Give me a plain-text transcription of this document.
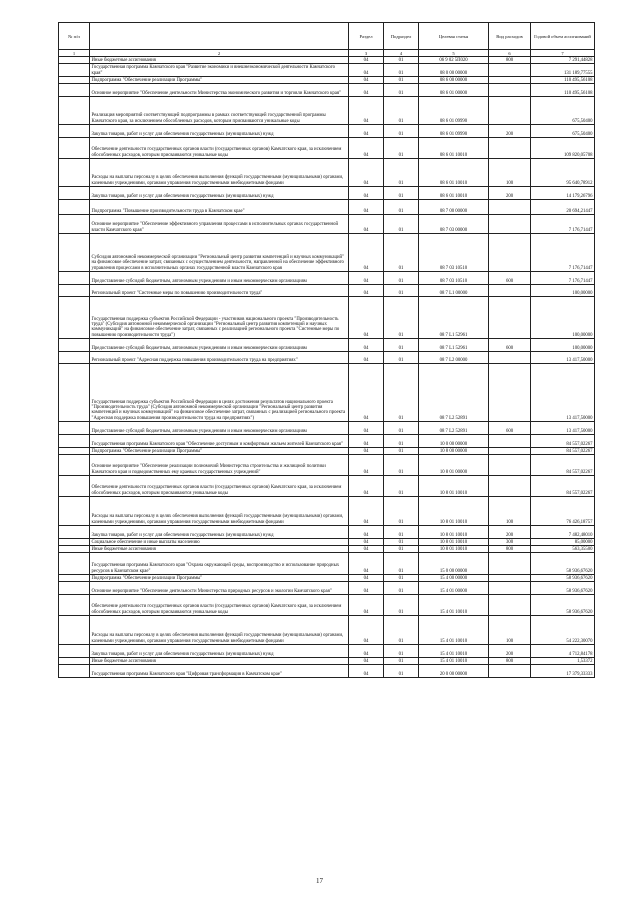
№ п/п		Раздел	Подраздел	Целевая статья	Вид расходов	Годовой объем ассигнований
1	2	3	4	5	6	7
	Иные бюджетные ассигнования	04	01	06 9 02 5П020	800	7 291,44828
	Государственная программа Камчатского края "Развитие экономики и внешнеэкономической деятельности Камчатского края"	04	01	08 0 00 00000		131 189,77555
	Подпрограмма "Обеспечение реализации Программы"	04	01	08 6 00 00000		110 495,56108
	Основное мероприятие "Обеспечение деятельности Министерства экономического развития и торговли Камчатского края"	04	01	08 6 01 00000		110 495,56108
	Реализация мероприятий соответствующей подпрограммы в рамках соответствующей государственной программы Камчатского края, за исключением обособленных расходов, которым присваиваются уникальные коды	04	01	08 6 01 09990		675,50400
	Закупка товаров, работ и услуг для обеспечения государственных (муниципальных) нужд	04	01	08 6 01 09990	200	675,50400
	Обеспечение деятельности государственных органов власти (государственных органов) Камчатского края, за исключением обособленных расходов, которым присваиваются уникальные коды	04	01	08 6 01 10010		109 820,05708
	Расходы на выплаты персоналу в целях обеспечения выполнения функций государственными (муниципальными) органами, казенными учреждениями, органами управления государственными внебюджетными фондами	04	01	08 6 01 10010	100	95 640,78912
	Закупка товаров, работ и услуг для обеспечения государственных (муниципальных) нужд	04	01	08 6 01 10010	200	14 179,26796
	Подпрограмма "Повышение производительности труда в Камчатском крае"	04	01	08 7 00 00000		20 694,21447
	Основное мероприятие "Обеспечение эффективного управления процессами в исполнительных органах государственной власти Камчатского края"	04	01	08 7 03 00000		7 176,71447
	Субсидия автономной некоммерческой организации "Региональный центр развития компетенций и научных коммуникаций" на финансовое обеспечение затрат, связанных с осуществлением деятельности, направленной на обеспечение эффективного управления процессами в исполнительных органах государственной власти Камчатского края	04	01	08 7 03 10510		7 176,71447
	Предоставление субсидий бюджетным, автономным учреждениям и иным некоммерческим организациям	04	01	08 7 03 10510	600	7 176,71447
	Региональный проект "Системные меры по повышению производительности труда"	04	01	08 7 L1 00000		100,00000
	Государственная поддержка субъектов Российской Федерации - участников национального проекта "Производительность труда" (Субсидия автономной некоммерческой организации "Региональный центр развития компетенций и научных коммуникаций" на финансовое обеспечение затрат, связанных с реализацией регионального проекта "Системные меры по повышению производительности труда")	04	01	08 7 L1 52961		100,00000
	Предоставление субсидий бюджетным, автономным учреждениям и иным некоммерческим организациям	04	01	08 7 L1 52961	600	100,00000
	Региональный проект "Адресная поддержка повышения производительности труда на предприятиях"	04	01	08 7 L2 00000		13 417,50000
	Государственная поддержка субъектов Российской Федерации в целях достижения результатов национального проекта "Производительность труда" (Субсидия автономной некоммерческой организации "Региональный центр развития компетенций и научных коммуникаций" на финансовое обеспечение затрат, связанных с реализацией регионального проекта "Адресная поддержка повышения производительности труда на предприятиях")	04	01	08 7 L2 52891		13 417,50000
	Предоставление субсидий бюджетным, автономным учреждениям и иным некоммерческим организациям	04	01	08 7 L2 52891	600	13 417,50000
	Государственная программа Камчатского края "Обеспечение доступным и комфортным жильем жителей Камчатского края"	04	01	10 0 00 00000		84 557,02267
	Подпрограмма "Обеспечение реализации Программы"	04	01	10 8 00 00000		84 557,02267
	Основное мероприятие "Обеспечение реализации полномочий Министерства строительства и жилищной политики Камчатского края и подведомственных ему краевых государственных учреждений"	04	01	10 8 01 00000		84 557,02267
	Обеспечение деятельности государственных органов власти (государственных органов) Камчатского края, за исключением обособленных расходов, которым присваиваются уникальные коды	04	01	10 8 01 10010		84 557,02267
	Расходы на выплаты персоналу в целях обеспечения выполнения функций государственными (муниципальными) органами, казенными учреждениями, органами управления государственными внебюджетными фондами	04	01	10 8 01 10010	100	76 426,18757
	Закупка товаров, работ и услуг для обеспечения государственных (муниципальных) нужд	04	01	10 8 01 10010	200	7 482,48010
	Социальное обеспечение и иные выплаты населению	04	01	10 8 01 10010	300	85,00000
	Иные бюджетные ассигнования	04	01	10 8 01 10010	800	563,35500
	Государственная программа Камчатского края "Охрана окружающей среды, воспроизводство и использование природных ресурсов в Камчатском крае"	04	01	15 0 00 00000		58 936,67620
	Подпрограмма "Обеспечение реализации Программы"	04	01	15 4 00 00000		58 936,67620
	Основное мероприятие "Обеспечение деятельности Министерства природных ресурсов и экологии Камчатского края"	04	01	15 4 01 00000		58 936,67620
	Обеспечение деятельности государственных органов власти (государственных органов) Камчатского края, за исключением обособленных расходов, которым присваиваются уникальные коды	04	01	15 4 01 10010		58 936,67620
	Расходы на выплаты персоналу в целях обеспечения выполнения функций государственными (муниципальными) органами, казенными учреждениями, органами управления государственными внебюджетными фондами	04	01	15 4 01 10010	100	54 222,30070
	Закупка товаров, работ и услуг для обеспечения государственных (муниципальных) нужд	04	01	15 4 01 10010	200	4 712,84178
	Иные бюджетные ассигнования	04	01	15 4 01 10010	800	1,53372
	Государственная программа Камчатского края "Цифровая трансформация в Камчатском крае"	04	01	20 0 00 00000		17 379,33333
17
